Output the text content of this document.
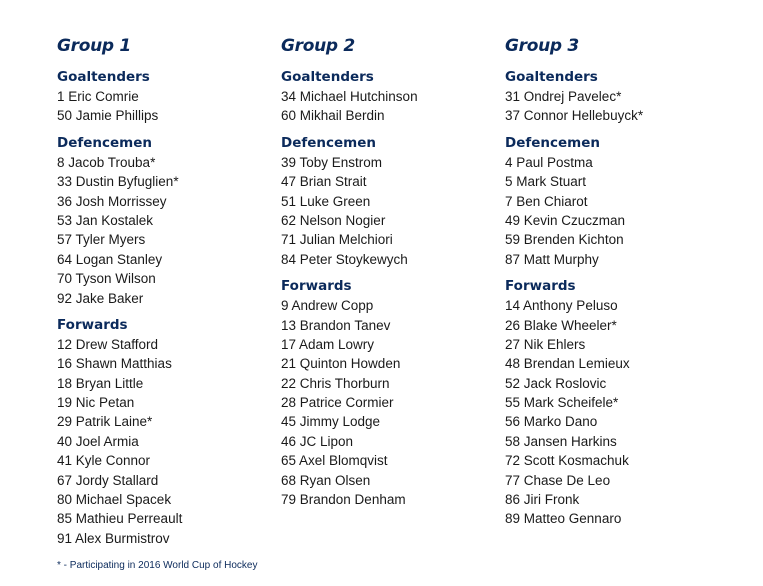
Group 1
Goaltenders
1 Eric Comrie
50 Jamie Phillips
Defencemen
8 Jacob Trouba*
33 Dustin Byfuglien*
36 Josh Morrissey
53 Jan Kostalek
57 Tyler Myers
64 Logan Stanley
70 Tyson Wilson
92 Jake Baker
Forwards
12 Drew Stafford
16 Shawn Matthias
18 Bryan Little
19 Nic Petan
29 Patrik Laine*
40 Joel Armia
41 Kyle Connor
67 Jordy Stallard
80 Michael Spacek
85 Mathieu Perreault
91 Alex Burmistrov
Group 2
Goaltenders
34 Michael Hutchinson
60 Mikhail Berdin
Defencemen
39 Toby Enstrom
47 Brian Strait
51 Luke Green
62 Nelson Nogier
71 Julian Melchiori
84 Peter Stoykewych
Forwards
9 Andrew Copp
13 Brandon Tanev
17 Adam Lowry
21 Quinton Howden
22 Chris Thorburn
28 Patrice Cormier
45 Jimmy Lodge
46 JC Lipon
65 Axel Blomqvist
68 Ryan Olsen
79 Brandon Denham
Group 3
Goaltenders
31 Ondrej Pavelec*
37 Connor Hellebuyck*
Defencemen
4 Paul Postma
5 Mark Stuart
7 Ben Chiarot
49 Kevin Czuczman
59 Brenden Kichton
87 Matt Murphy
Forwards
14 Anthony Peluso
26 Blake Wheeler*
27 Nik Ehlers
48 Brendan Lemieux
52 Jack Roslovic
55 Mark Scheifele*
56 Marko Dano
58 Jansen Harkins
72 Scott Kosmachuk
77 Chase De Leo
86 Jiri Fronk
89 Matteo Gennaro
* - Participating in 2016 World Cup of Hockey
